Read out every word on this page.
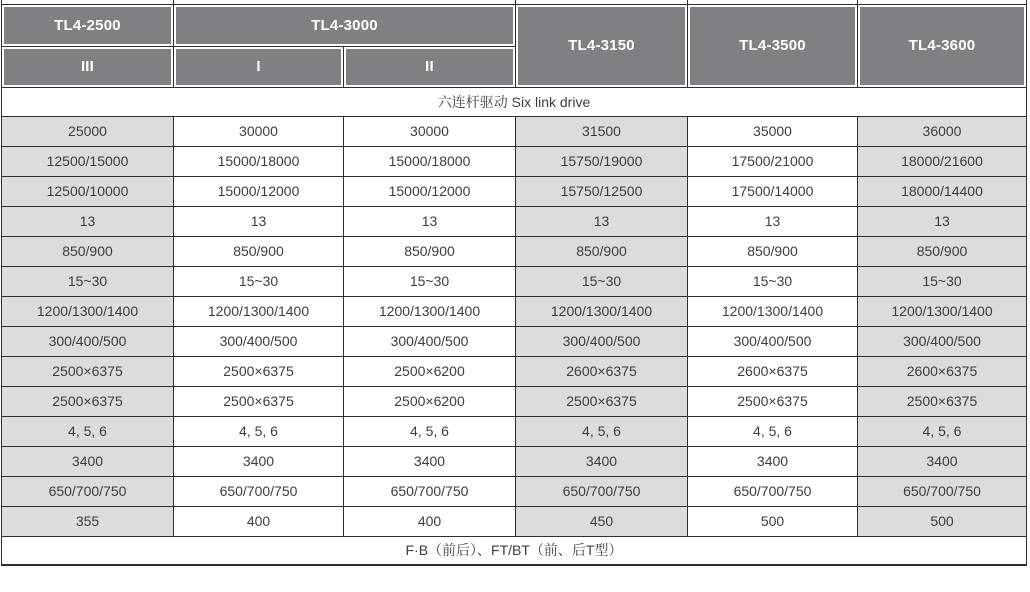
TL4-2500	TL4-3000		TL4-3150	TL4-3500	TL4-3600
III	I	II			
六连杆驱动 Six link drive					
25000	30000	30000	31500	35000	36000
12500/15000	15000/18000	15000/18000	15750/19000	17500/21000	18000/21600
12500/10000	15000/12000	15000/12000	15750/12500	17500/14000	18000/14400
13	13	13	13	13	13
850/900	850/900	850/900	850/900	850/900	850/900
15~30	15~30	15~30	15~30	15~30	15~30
1200/1300/1400	1200/1300/1400	1200/1300/1400	1200/1300/1400	1200/1300/1400	1200/1300/1400
300/400/500	300/400/500	300/400/500	300/400/500	300/400/500	300/400/500
2500×6375	2500×6375	2500×6200	2600×6375	2600×6375	2600×6375
2500×6375	2500×6375	2500×6200	2500×6375	2500×6375	2500×6375
4, 5, 6	4, 5, 6	4, 5, 6	4, 5, 6	4, 5, 6	4, 5, 6
3400	3400	3400	3400	3400	3400
650/700/750	650/700/750	650/700/750	650/700/750	650/700/750	650/700/750
355	400	400	450	500	500
F·B（前后）、FT/BT（前、后T型）					
